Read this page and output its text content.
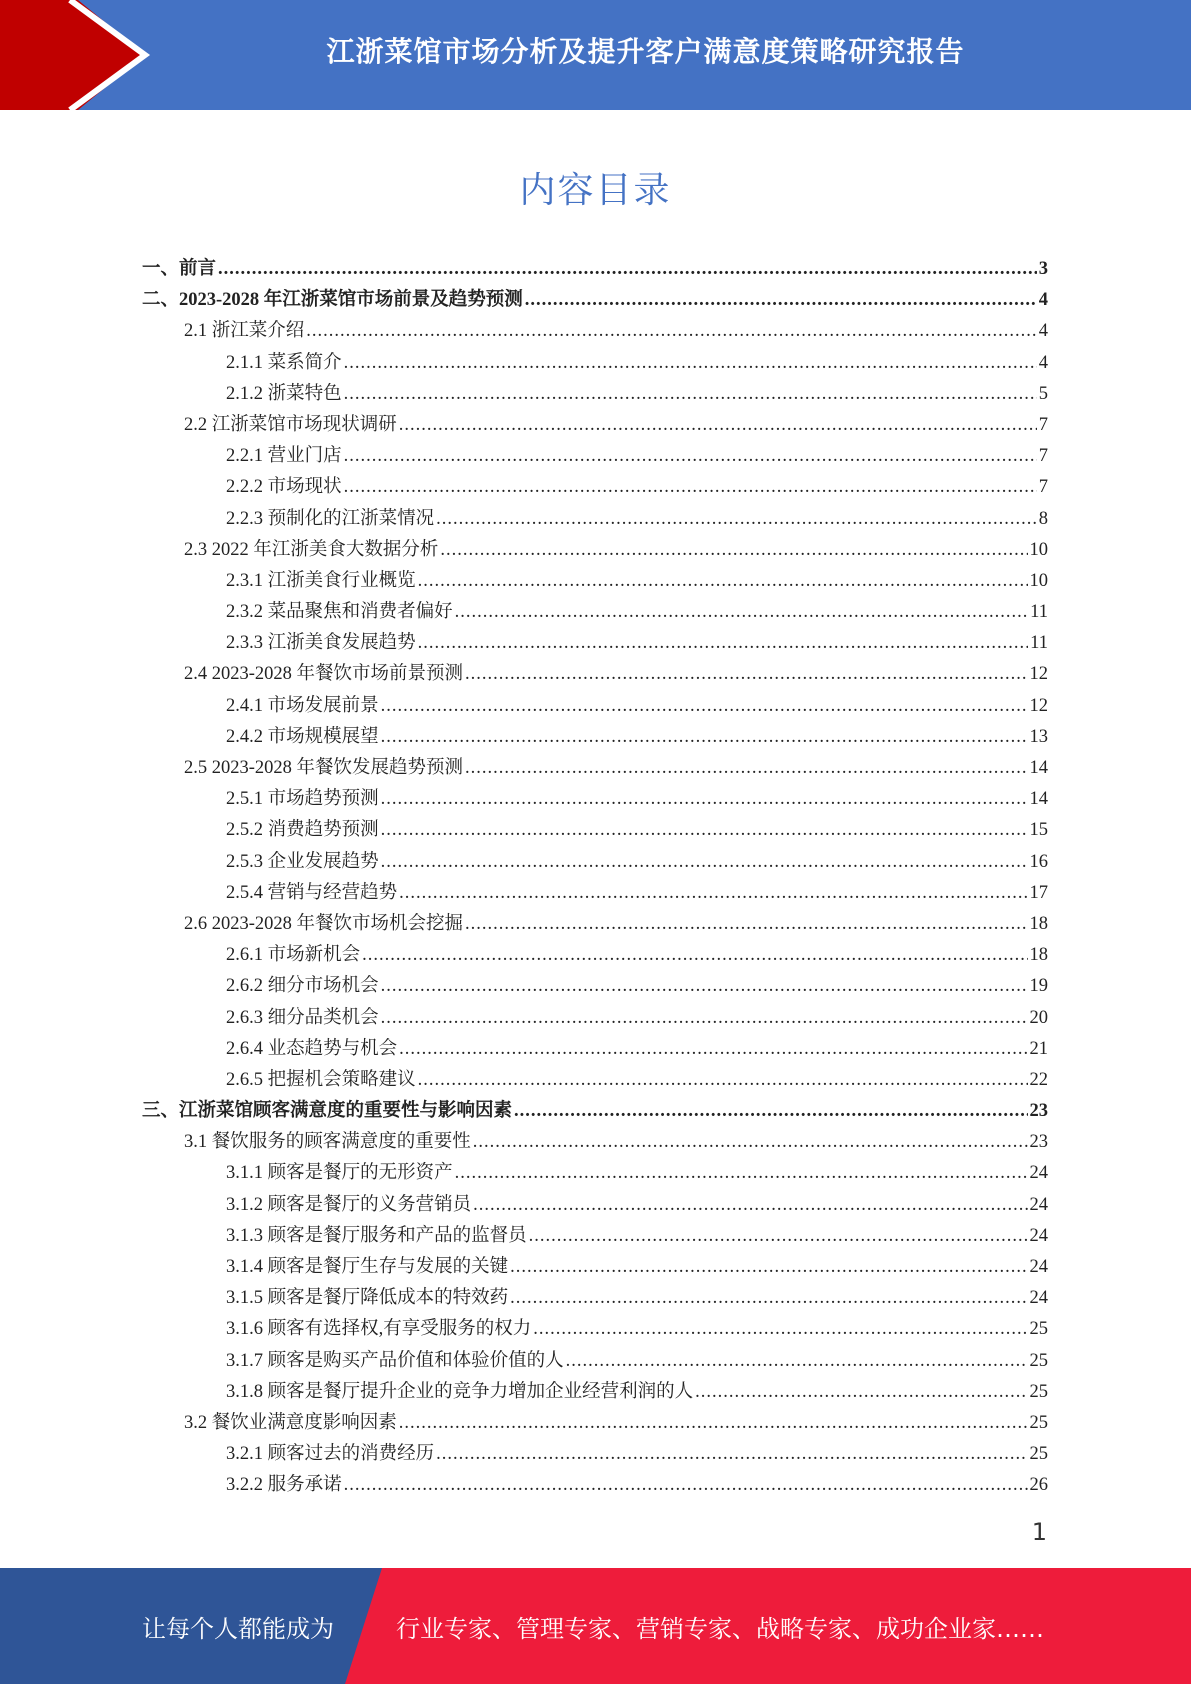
江浙菜馆市场分析及提升客户满意度策略研究报告
内容目录
一、前言 .....	3
二、2023-2028 年江浙菜馆市场前景及趋势预测 .....	4
2.1 浙江菜介绍 .....	4
2.1.1 菜系简介 .....	4
2.1.2 浙菜特色 .....	5
2.2 江浙菜馆市场现状调研 .....	7
2.2.1 营业门店 .....	7
2.2.2 市场现状 .....	7
2.2.3 预制化的江浙菜情况 .....	8
2.3 2022 年江浙美食大数据分析 .....	10
2.3.1 江浙美食行业概览 .....	10
2.3.2 菜品聚焦和消费者偏好 .....	11
2.3.3 江浙美食发展趋势 .....	11
2.4 2023-2028 年餐饮市场前景预测 .....	12
2.4.1 市场发展前景 .....	12
2.4.2 市场规模展望 .....	13
2.5 2023-2028 年餐饮发展趋势预测 .....	14
2.5.1 市场趋势预测 .....	14
2.5.2 消费趋势预测 .....	15
2.5.3 企业发展趋势 .....	16
2.5.4 营销与经营趋势 .....	17
2.6 2023-2028 年餐饮市场机会挖掘 .....	18
2.6.1 市场新机会 .....	18
2.6.2 细分市场机会 .....	19
2.6.3 细分品类机会 .....	20
2.6.4 业态趋势与机会 .....	21
2.6.5 把握机会策略建议 .....	22
三、江浙菜馆顾客满意度的重要性与影响因素 .....	23
3.1 餐饮服务的顾客满意度的重要性 .....	23
3.1.1 顾客是餐厅的无形资产 .....	24
3.1.2 顾客是餐厅的义务营销员 .....	24
3.1.3 顾客是餐厅服务和产品的监督员 .....	24
3.1.4 顾客是餐厅生存与发展的关键 .....	24
3.1.5 顾客是餐厅降低成本的特效药 .....	24
3.1.6 顾客有选择权,有享受服务的权力 .....	25
3.1.7 顾客是购买产品价值和体验价值的人 .....	25
3.1.8 顾客是餐厅提升企业的竞争力增加企业经营利润的人 .....	25
3.2 餐饮业满意度影响因素 .....	25
3.2.1 顾客过去的消费经历 .....	25
3.2.2 服务承诺 .....	26
1
让每个人都能成为	行业专家、管理专家、营销专家、战略专家、成功企业家……
